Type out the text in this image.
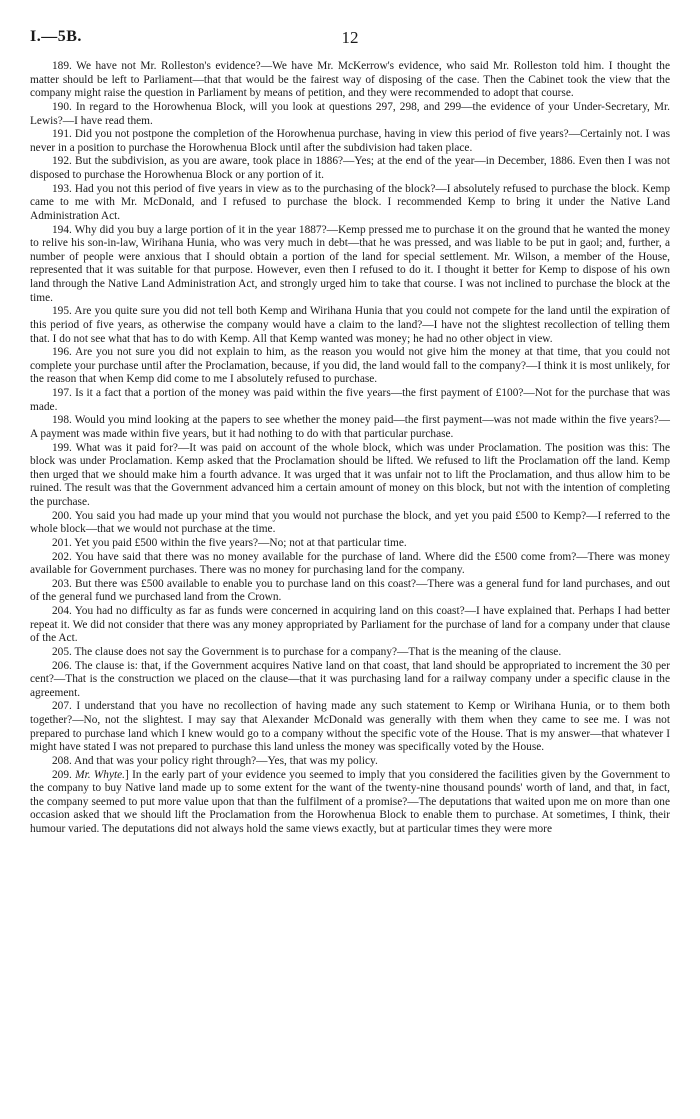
I.—5B.	12

189. We have not Mr. Rolleston's evidence?—We have Mr. McKerrow's evidence, who said Mr. Rolleston told him. I thought the matter should be left to Parliament—that that would be the fairest way of disposing of the case. Then the Cabinet took the view that the company might raise the question in Parliament by means of petition, and they were recommended to adopt that course.

190. In regard to the Horowhenua Block, will you look at questions 297, 298, and 299—the evidence of your Under-Secretary, Mr. Lewis?—I have read them.

191. Did you not postpone the completion of the Horowhenua purchase, having in view this period of five years?—Certainly not. I was never in a position to purchase the Horowhenua Block until after the subdivision had taken place.

192. But the subdivision, as you are aware, took place in 1886?—Yes; at the end of the year—in December, 1886. Even then I was not disposed to purchase the Horowhenua Block or any portion of it.

193. Had you not this period of five years in view as to the purchasing of the block?—I absolutely refused to purchase the block. Kemp came to me with Mr. McDonald, and I refused to purchase the block. I recommended Kemp to bring it under the Native Land Administration Act.

194. Why did you buy a large portion of it in the year 1887?—Kemp pressed me to purchase it on the ground that he wanted the money to relive his son-in-law, Wirihana Hunia, who was very much in debt—that he was pressed, and was liable to be put in gaol; and, further, a number of people were anxious that I should obtain a portion of the land for special settlement. Mr. Wilson, a member of the House, represented that it was suitable for that purpose. However, even then I refused to do it. I thought it better for Kemp to dispose of his own land through the Native Land Administration Act, and strongly urged him to take that course. I was not inclined to purchase the block at the time.

195. Are you quite sure you did not tell both Kemp and Wirihana Hunia that you could not compete for the land until the expiration of this period of five years, as otherwise the company would have a claim to the land?—I have not the slightest recollection of telling them that. I do not see what that has to do with Kemp. All that Kemp wanted was money; he had no other object in view.

196. Are you not sure you did not explain to him, as the reason you would not give him the money at that time, that you could not complete your purchase until after the Proclamation, because, if you did, the land would fall to the company?—I think it is most unlikely, for the reason that when Kemp did come to me I absolutely refused to purchase.

197. Is it a fact that a portion of the money was paid within the five years—the first payment of £100?—Not for the purchase that was made.

198. Would you mind looking at the papers to see whether the money paid—the first payment—was not made within the five years?—A payment was made within five years, but it had nothing to do with that particular purchase.

199. What was it paid for?—It was paid on account of the whole block, which was under Proclamation. The position was this: The block was under Proclamation. Kemp asked that the Proclamation should be lifted. We refused to lift the Proclamation off the land. Kemp then urged that we should make him a fourth advance. It was urged that it was unfair not to lift the Proclamation, and thus allow him to be ruined. The result was that the Government advanced him a certain amount of money on this block, but not with the intention of completing the purchase.

200. You said you had made up your mind that you would not purchase the block, and yet you paid £500 to Kemp?—I referred to the whole block—that we would not purchase at the time.

201. Yet you paid £500 within the five years?—No; not at that particular time.

202. You have said that there was no money available for the purchase of land. Where did the £500 come from?—There was money available for Government purchases. There was no money for purchasing land for the company.

203. But there was £500 available to enable you to purchase land on this coast?—There was a general fund for land purchases, and out of the general fund we purchased land from the Crown.

204. You had no difficulty as far as funds were concerned in acquiring land on this coast?—I have explained that. Perhaps I had better repeat it. We did not consider that there was any money appropriated by Parliament for the purchase of land for a company under that clause of the Act.

205. The clause does not say the Government is to purchase for a company?—That is the meaning of the clause.

206. The clause is: that, if the Government acquires Native land on that coast, that land should be appropriated to increment the 30 per cent?—That is the construction we placed on the clause—that it was purchasing land for a railway company under a specific clause in the agreement.

207. I understand that you have no recollection of having made any such statement to Kemp or Wirihana Hunia, or to them both together?—No, not the slightest. I may say that Alexander McDonald was generally with them when they came to see me. I was not prepared to purchase land which I knew would go to a company without the specific vote of the House. That is my answer—that whatever I might have stated I was not prepared to purchase this land unless the money was specifically voted by the House.

208. And that was your policy right through?—Yes, that was my policy.

209. Mr. Whyte.] In the early part of your evidence you seemed to imply that you considered the facilities given by the Government to the company to buy Native land made up to some extent for the want of the twenty-nine thousand pounds' worth of land, and that, in fact, the company seemed to put more value upon that than the fulfilment of a promise?—The deputations that waited upon me on more than one occasion asked that we should lift the Proclamation from the Horowhenua Block to enable them to purchase. At sometimes, I think, their humour varied. The deputations did not always hold the same views exactly, but at particular times they were more
